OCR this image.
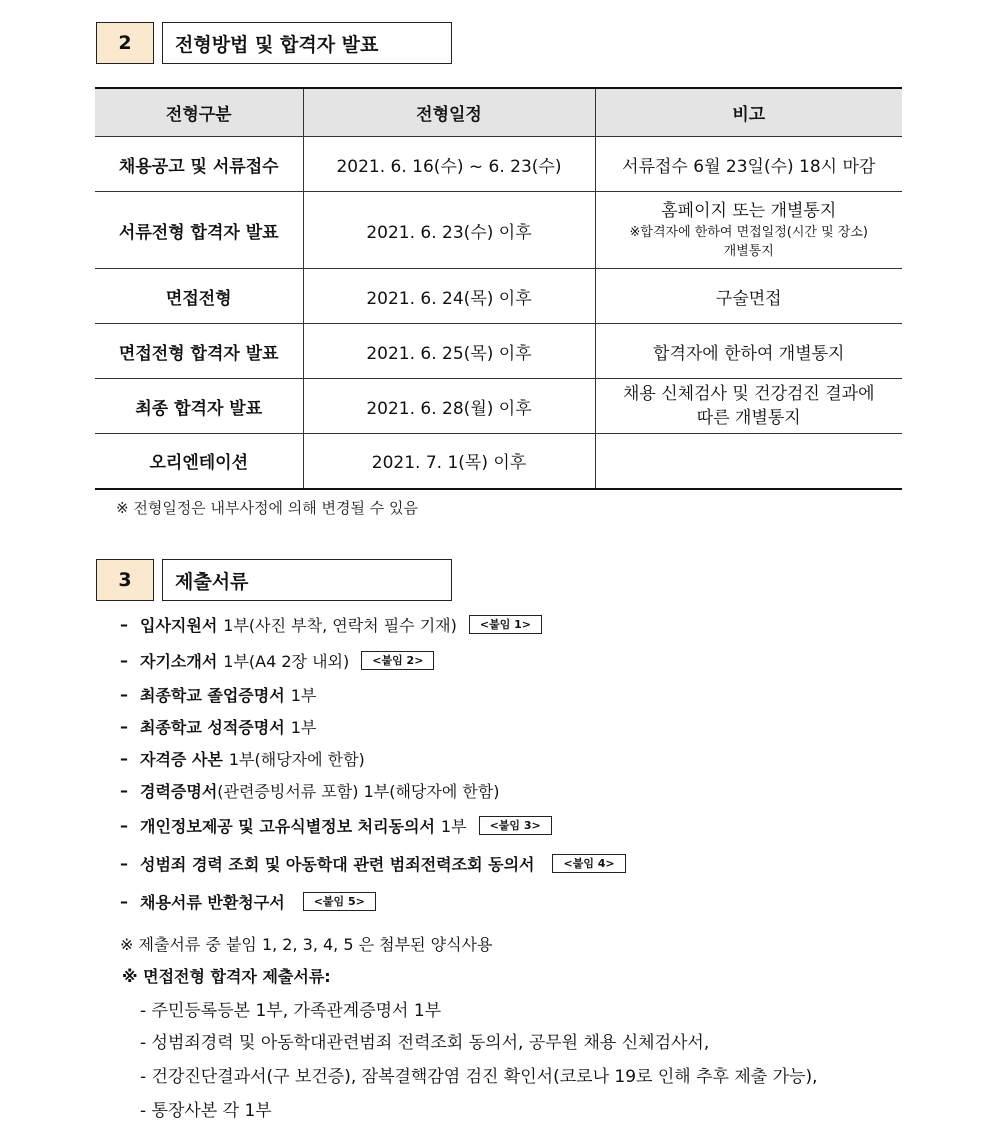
2	전형방법 및 합격자 발표
전형구분	전형일정	비고
채용공고 및 서류접수	2021. 6. 16(수) ~ 6. 23(수)	서류접수 6월 23일(수) 18시 마감
서류전형 합격자 발표	2021. 6. 23(수) 이후	홈페이지 또는 개별통지
※합격자에 한하여 면접일정(시간 및 장소)
개별통지

면접전형	2021. 6. 24(목) 이후	구술면접
면접전형 합격자 발표	2021. 6. 25(목) 이후	합격자에 한하여 개별통지
최종 합격자 발표	2021. 6. 28(월) 이후	채용 신체검사 및 건강검진 결과에
따른 개별통지

오리엔테이션	2021. 7. 1(목) 이후	
※ 전형일정은 내부사정에 의해 변경될 수 있음
3	제출서류
– 입사지원서 1부(사진 부착, 연락처 필수 기재)	<붙임 1>
– 자기소개서 1부(A4 2장 내외)	<붙임 2>
– 최종학교 졸업증명서 1부
– 최종학교 성적증명서 1부
– 자격증 사본 1부(해당자에 한함)
– 경력증명서 (관련증빙서류 포함) 1부(해당자에 한함)
– 개인정보제공 및 고유식별정보 처리동의서 1부	<붙임 3>
– 성범죄 경력 조회 및 아동학대 관련 범죄전력조회 동의서	<붙임 4>
– 채용서류 반환청구서	<붙임 5>
※ 제출서류 중 붙임 1, 2, 3, 4, 5 은 첨부된 양식사용
※ 면접전형 합격자 제출서류:
- 주민등록등본 1부, 가족관계증명서 1부
- 성범죄경력 및 아동학대관련범죄 전력조회 동의서, 공무원 채용 신체검사서,
- 건강진단결과서(구 보건증), 잠복결핵감염 검진 확인서(코로나 19로 인해 추후 제출 가능),
- 통장사본 각 1부
